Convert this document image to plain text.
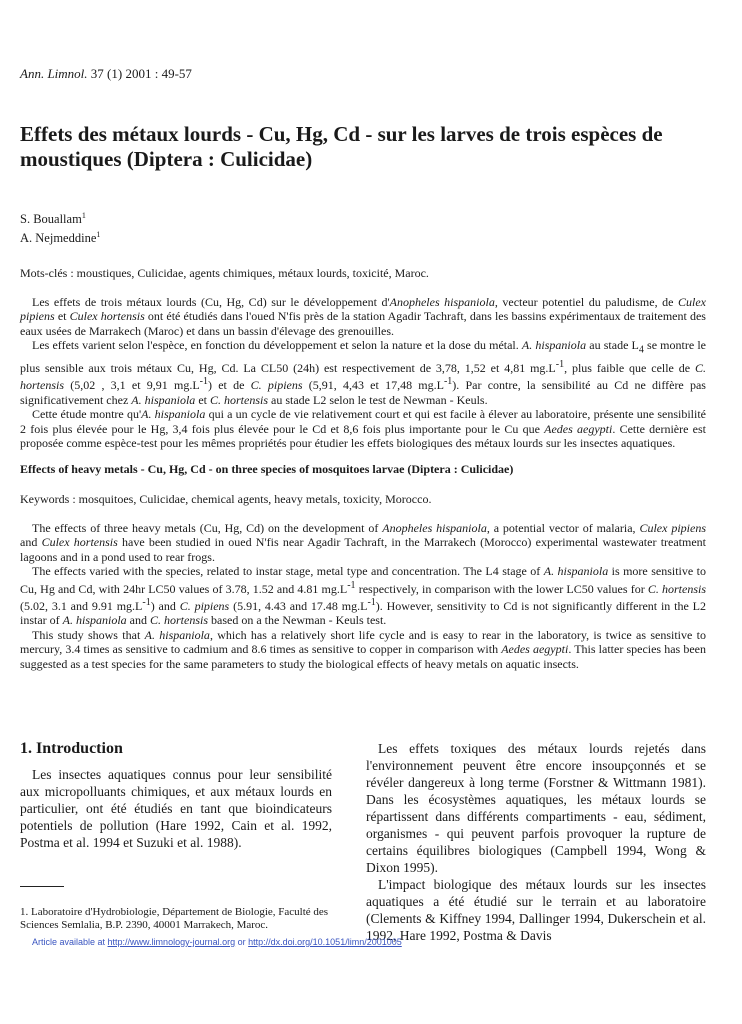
Ann. Limnol. 37 (1) 2001 : 49-57
Effets des métaux lourds - Cu, Hg, Cd - sur les larves de trois espèces de moustiques (Diptera : Culicidae)
S. Bouallam$^1$
A. Nejmeddine$^1$
Mots-clés : moustiques, Culicidae, agents chimiques, métaux lourds, toxicité, Maroc.

Les effets de trois métaux lourds (Cu, Hg, Cd) sur le développement d'Anopheles hispaniola, vecteur potentiel du paludisme, de Culex pipiens et Culex hortensis ont été étudiés dans l'oued N'fis près de la station Agadir Tachraft, dans les bassins expérimentaux de traitement des eaux usées de Marrakech (Maroc) et dans un bassin d'élevage des grenouilles.

Les effets varient selon l'espèce, en fonction du développement et selon la nature et la dose du métal. A. hispaniola au stade $L_4$ se montre le plus sensible aux trois métaux Cu, Hg, Cd. La CL50 (24h) est respectivement de 3,78, 1,52 et 4,81 $mg.L^{-1}$, plus faible que celle de C. hortensis (5,02 , 3,1 et 9,91 $mg.L^{-1}$) et de C. pipiens (5,91, 4,43 et 17,48 $mg.L^{-1}$). Par contre, la sensibilité au Cd ne diffère pas significativement chez A. hispaniola et C. hortensis au stade L2 selon le test de Newman - Keuls.

Cette étude montre qu'A. hispaniola qui a un cycle de vie relativement court et qui est facile à élever au laboratoire, présente une sensibilité 2 fois plus élevée pour le Hg, 3,4 fois plus élevée pour le Cd et 8,6 fois plus importante pour le Cu que Aedes aegypti. Cette dernière est proposée comme espèce-test pour les mêmes propriétés pour étudier les effets biologiques des métaux lourds sur les insectes aquatiques.

Effects of heavy metals - Cu, Hg, Cd - on three species of mosquitoes larvae (Diptera : Culicidae)
Keywords : mosquitoes, Culicidae, chemical agents, heavy metals, toxicity, Morocco.

The effects of three heavy metals (Cu, Hg, Cd) on the development of Anopheles hispaniola, a potential vector of malaria, Culex pipiens and Culex hortensis have been studied in oued N'fis near Agadir Tachraft, in the Marrakech (Morocco) experimental wastewater treatment lagoons and in a pond used to rear frogs.

The effects varied with the species, related to instar stage, metal type and concentration. The L4 stage of A. hispaniola is more sensitive to Cu, Hg and Cd, with 24hr LC50 values of 3.78, 1.52 and 4.81 $mg.L^{-1}$ respectively, in comparison with the lower LC50 values for C. hortensis (5.02, 3.1 and 9.91 $mg.L^{-1}$) and C. pipiens (5.91, 4.43 and 17.48 $mg.L^{-1}$). However, sensitivity to Cd is not significantly different in the L2 instar of A. hispaniola and C. hortensis based on a the Newman - Keuls test.

This study shows that A. hispaniola, which has a relatively short life cycle and is easy to rear in the laboratory, is twice as sensitive to mercury, 3.4 times as sensitive to cadmium and 8.6 times as sensitive to copper in comparison with Aedes aegypti. This latter species has been suggested as a test species for the same parameters to study the biological effects of heavy metals on aquatic insects.

1. Introduction

Les insectes aquatiques connus pour leur sensibilité aux micropolluants chimiques, et aux métaux lourds en particulier, ont été étudiés en tant que bioindicateurs potentiels de pollution (Hare 1992, Cain et al. 1992, Postma et al. 1994 et Suzuki et al. 1988).

Les effets toxiques des métaux lourds rejetés dans l'environnement peuvent être encore insoupçonnés et se révéler dangereux à long terme (Forstner & Wittmann 1981). Dans les écosystèmes aquatiques, les métaux lourds se répartissent dans différents compartiments - eau, sédiment, organismes - qui peuvent parfois provoquer la rupture de certains équilibres biologiques (Campbell 1994, Wong & Dixon 1995).

L'impact biologique des métaux lourds sur les insectes aquatiques a été étudié sur le terrain et au laboratoire (Clements & Kiffney 1994, Dallinger 1994, Dukerschein et al. 1992, Hare 1992, Postma & Davis

1. Laboratoire d'Hydrobiologie, Département de Biologie, Faculté des Sciences Semlalia, B.P. 2390, 40001 Marrakech, Maroc.
Article available at http://www.limnology-journal.org or http://dx.doi.org/10.1051/limn/2001005
